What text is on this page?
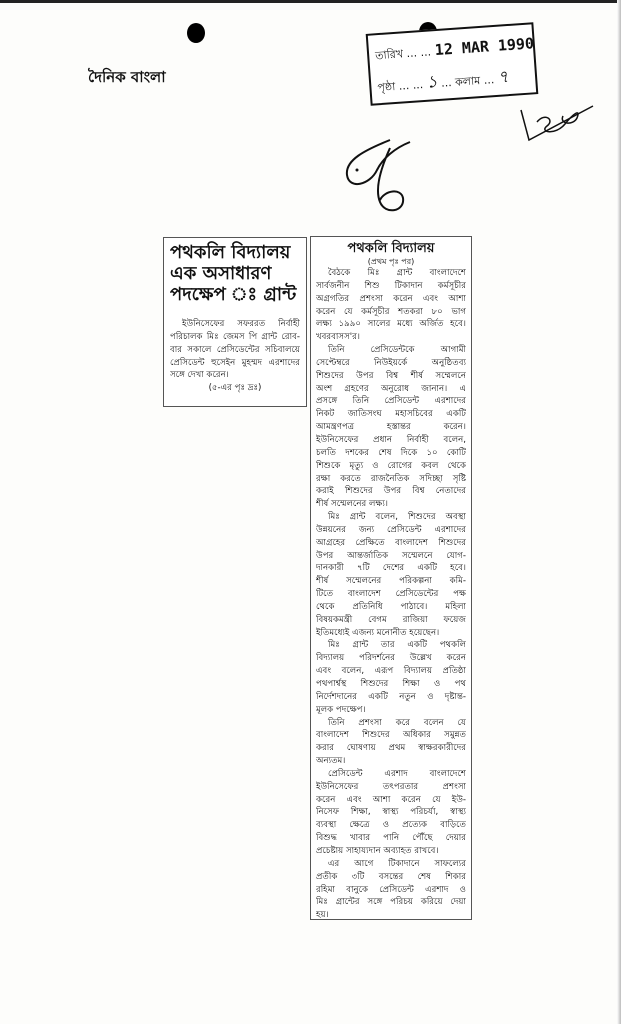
দৈনিক বাংলা
তারিখ ... ... 12 MAR 1990
পৃষ্ঠা ... ... ১ ... কলাম ... ৭
পথকলি বিদ্যালয়
এক অসাধারণ
পদক্ষেপ ঃ গ্রান্ট
ইউনিসেফের সফররত নির্বাহী
পরিচালক মিঃ জেমস পি গ্রান্ট রোব-
বার সকালে প্রেসিডেন্টের সচিবালয়ে
প্রেসিডেন্ট হুসেইন মুহম্মদ এরশাদের
সঙ্গে দেখা করেন।
(৫-এর পৃঃ দ্রঃ)
পথকলি বিদ্যালয়
(প্রথম পৃঃ পর)
বৈঠকে মিঃ গ্রান্ট বাংলাদেশে
সার্বজনীন শিশু টিকাদান কর্মসূচীর
অগ্রগতির প্রশংসা করেন এবং আশা
করেন যে কর্মসূচীর শতকরা ৮০ ভাগ
লক্ষ্য ১৯৯০ সালের মধ্যে অর্জিত হবে।
খবরবাসস'র।
তিনি প্রেসিডেন্টকে আগামী
সেপ্টেম্বরে নিউইয়র্কে অনুষ্ঠিতব্য
শিশুদের উপর বিশ্ব শীর্ষ সম্মেলনে
অংশ গ্রহণের অনুরোধ জানান। এ
প্রসঙ্গে তিনি প্রেসিডেন্ট এরশাদের
নিকট জাতিসংঘ মহাসচিবের একটি
আমন্ত্রণপত্র হস্তান্তর করেন।
ইউনিসেফের প্রধান নির্বাহী বলেন,
চলতি দশকের শেষ দিকে ১০ কোটি
শিশুকে মৃত্যু ও রোগের কবল থেকে
রক্ষা করতে রাজনৈতিক সদিচ্ছা সৃষ্টি
করাই শিশুদের উপর বিশ্ব নেতাদের
শীর্ষ সম্মেলনের লক্ষ্য।
মিঃ গ্রান্ট বলেন, শিশুদের অবস্থা
উন্নয়নের জন্য প্রেসিডেন্ট এরশাদের
আগ্রহের প্রেক্ষিতে বাংলাদেশ শিশুদের
উপর আন্তর্জাতিক সম্মেলনে যোগ-
দানকারী ৭টি দেশের একটি হবে।
শীর্ষ সম্মেলনের পরিকল্পনা কমি-
টিতে বাংলাদেশ প্রেসিডেন্টের পক্ষ
থেকে প্রতিনিধি পাঠাবে। মহিলা
বিষয়কমন্ত্রী বেগম রাজিয়া ফয়েজ
ইতিমধ্যেই এজন্য মনোনীত হয়েছেন।
মিঃ গ্রান্ট তার একটি পথকলি
বিদ্যালয় পরিদর্শনের উল্লেখ করেন
এবং বলেন, এরূপ বিদ্যালয় প্রতিষ্ঠা
পথপার্শ্বস্থ শিশুদের শিক্ষা ও পথ
নির্দেশদানের একটি নতুন ও দৃষ্টান্ত-
মূলক পদক্ষেপ।
তিনি প্রশংসা করে বলেন যে
বাংলাদেশ শিশুদের অধিকার সমুন্নত
করার ঘোষণায় প্রথম স্বাক্ষরকারীদের
অন্যতম।
প্রেসিডেন্ট এরশাদ বাংলাদেশে
ইউনিসেফের তৎপরতার প্রশংসা
করেন এবং আশা করেন যে ইউ-
নিসেফ শিক্ষা, স্বাস্থ্য পরিচর্যা, স্বাস্থ্য
ব্যবস্থা ক্ষেত্রে ও প্রত্যেক বাড়িতে
বিশুদ্ধ খাবার পানি পৌঁছে দেয়ার
প্রচেষ্টায় সাহায্যদান অব্যাহত রাখবে।
এর আগে টিকাদানে সাফল্যের
প্রতীক ৩টি বসন্তের শেষ শিকার
রহিমা বানুকে প্রেসিডেন্ট এরশাদ ও
মিঃ গ্রান্টের সঙ্গে পরিচয় করিয়ে দেয়া
হয়।
